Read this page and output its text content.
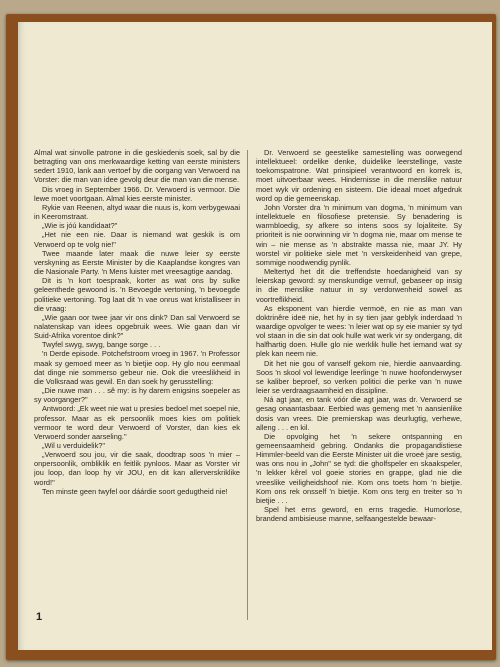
Almal wat sinvolle patrone in die geskiedenis soek, sal by die betragting van ons merkwaardige ketting van eerste ministers sedert 1910, lank aan vertoef by die oorgang van Verwoerd na Vorster: die man van idee gevolg deur die man van die mense.

Dis vroeg in September 1966. Dr. Verwoerd is vermoor. Die lewe moet voortgaan. Almal kies eerste minister.

Rykie van Reenen, altyd waar die nuus is, kom verbygewaai in Keeromstraat.

„Wie is jóú kandidaat?"

„Het nie een nie. Daar is niemand wat geskik is om Verwoerd op te volg nie!"

Twee maande later maak die nuwe leier sy eerste verskyning as Eerste Minister by die Kaaplandse kongres van die Nasionale Party. 'n Mens luister met vreesagtige aandag.

Dit is 'n kort toespraak, korter as wat ons by sulke geleenthede gewoond is. 'n Bevoegde vertoning, 'n bevoegde politieke vertoning. Tog laat dit 'n vae onrus wat kristalliseer in die vraag:

„Wie gaan oor twee jaar vir ons dink? Dan sal Verwoerd se nalatenskap van idees opgebruik wees. Wie gaan dan vir Suid-Afrika vorentoe dink?"

Twyfel swyg, swyg, bange sorge . . .

'n Derde episode. Potchefstroom vroeg in 1967. 'n Professor maak sy gemoed meer as 'n bietjie oop. Hy glo nou eenmaal dat dinge nie sommerso gebeur nie. Ook die vreeslikheid in die Volksraad was gewil. En dan soek hy gerusstelling:

„Die nuwe man . . . sê my: is hy darem enigsins soepeler as sy voorganger?"

Antwoord: „Ek weet nie wat u presies bedoel met soepel nie, professor. Maar as ek persoonlik moes kies om politiek vermoor te word deur Verwoerd of Vorster, dan kies ek Verwoerd sonder aarseling."

„Wil u verduidelik?"

„Verwoerd sou jou, vir die saak, doodtrap soos 'n mier – onpersoonlik, ombliklik en feitlik pynloos. Maar as Vorster vir jou loop, dan loop hy vir JOU, en dit kan allerverskriklike word!"

Ten minste geen twyfel oor dáárdie soort gedugtheid nie!

Dr. Verwoerd se geestelike samestelling was oorwegend intellektueel: ordelike denke, duidelike leerstellinge, vaste toekomspatrone. Wat prinsipieel verantwoord en korrek is, moet uitvoerbaar wees. Hindernisse in die menslike natuur moet wyk vir ordening en sisteem. Die ideaal moet afgedruk word op die gemeenskap.

John Vorster dra 'n minimum van dogma, 'n minimum van intellektuele en filosofiese pretensie. Sy benadering is warmbloedig, sy afkere so intens soos sy lojaliteite. Sy prioriteit is nie oorwinning vir 'n dogma nie, maar om mense te win – nie mense as 'n abstrakte massa nie, maar JY. Hy worstel vir politieke siele met 'n verskeidenheid van grepe, sommige noodwendig pynlik.

Meltertyd het dit die treffendste hoedanigheid van sy leierskap geword: sy menskundige vernuf, gebaseer op insig in die menslike natuur in sy verdorwenheid sowel as voortreflikheid.

As eksponent van hierdie vermoë, en nie as man van doktrinêre ideë nie, het hy in sy tien jaar geblyk inderdaad 'n waardige opvolger te wees: 'n leier wat op sy eie manier sy tyd vol staan in die sin dat ook hulle wat werk vir sy ondergang, dit halfhartig doen. Hulle glo nie werklik hulle het iemand wat sy plek kan neem nie.

Dit het nie gou of vanself gekom nie, hierdie aanvaarding. Soos 'n skool vol lewendige leerlinge 'n nuwe hoofonderwyser se kaliber beproef, so verken politici die perke van 'n nuwe leier se verdraagsaamheid en dissipline.

Ná agt jaar, en tank vóór die agt jaar, was dr. Verwoerd se gesag onaantasbaar. Eerbied was gemeng met 'n aansienlike dosis van vrees. Die premierskap was deurlugtig, verhewe, alleng . . . en kil.

Die opvolging het 'n sekere ontspanning en gemeensaamheid gebring. Ondanks die propagandistiese Himmler-beeld van die Eerste Minister uit die vroeë jare sestig, was ons nou in „John" se tyd: die gholfspeler en skaakspeler, 'n lekker kêrel vol goeie stories en grappe, glad nie die vreeslike veiligheidshoof nie. Kom ons toets hom 'n bietjie. Kom ons rek onsself 'n bietjie. Kom ons terg en treiter so 'n bietjie . . .

Spel het erns geword, en erns tragedie. Humorlose, brandend ambisieuse manne, selfaangestelde bewaar-

1
